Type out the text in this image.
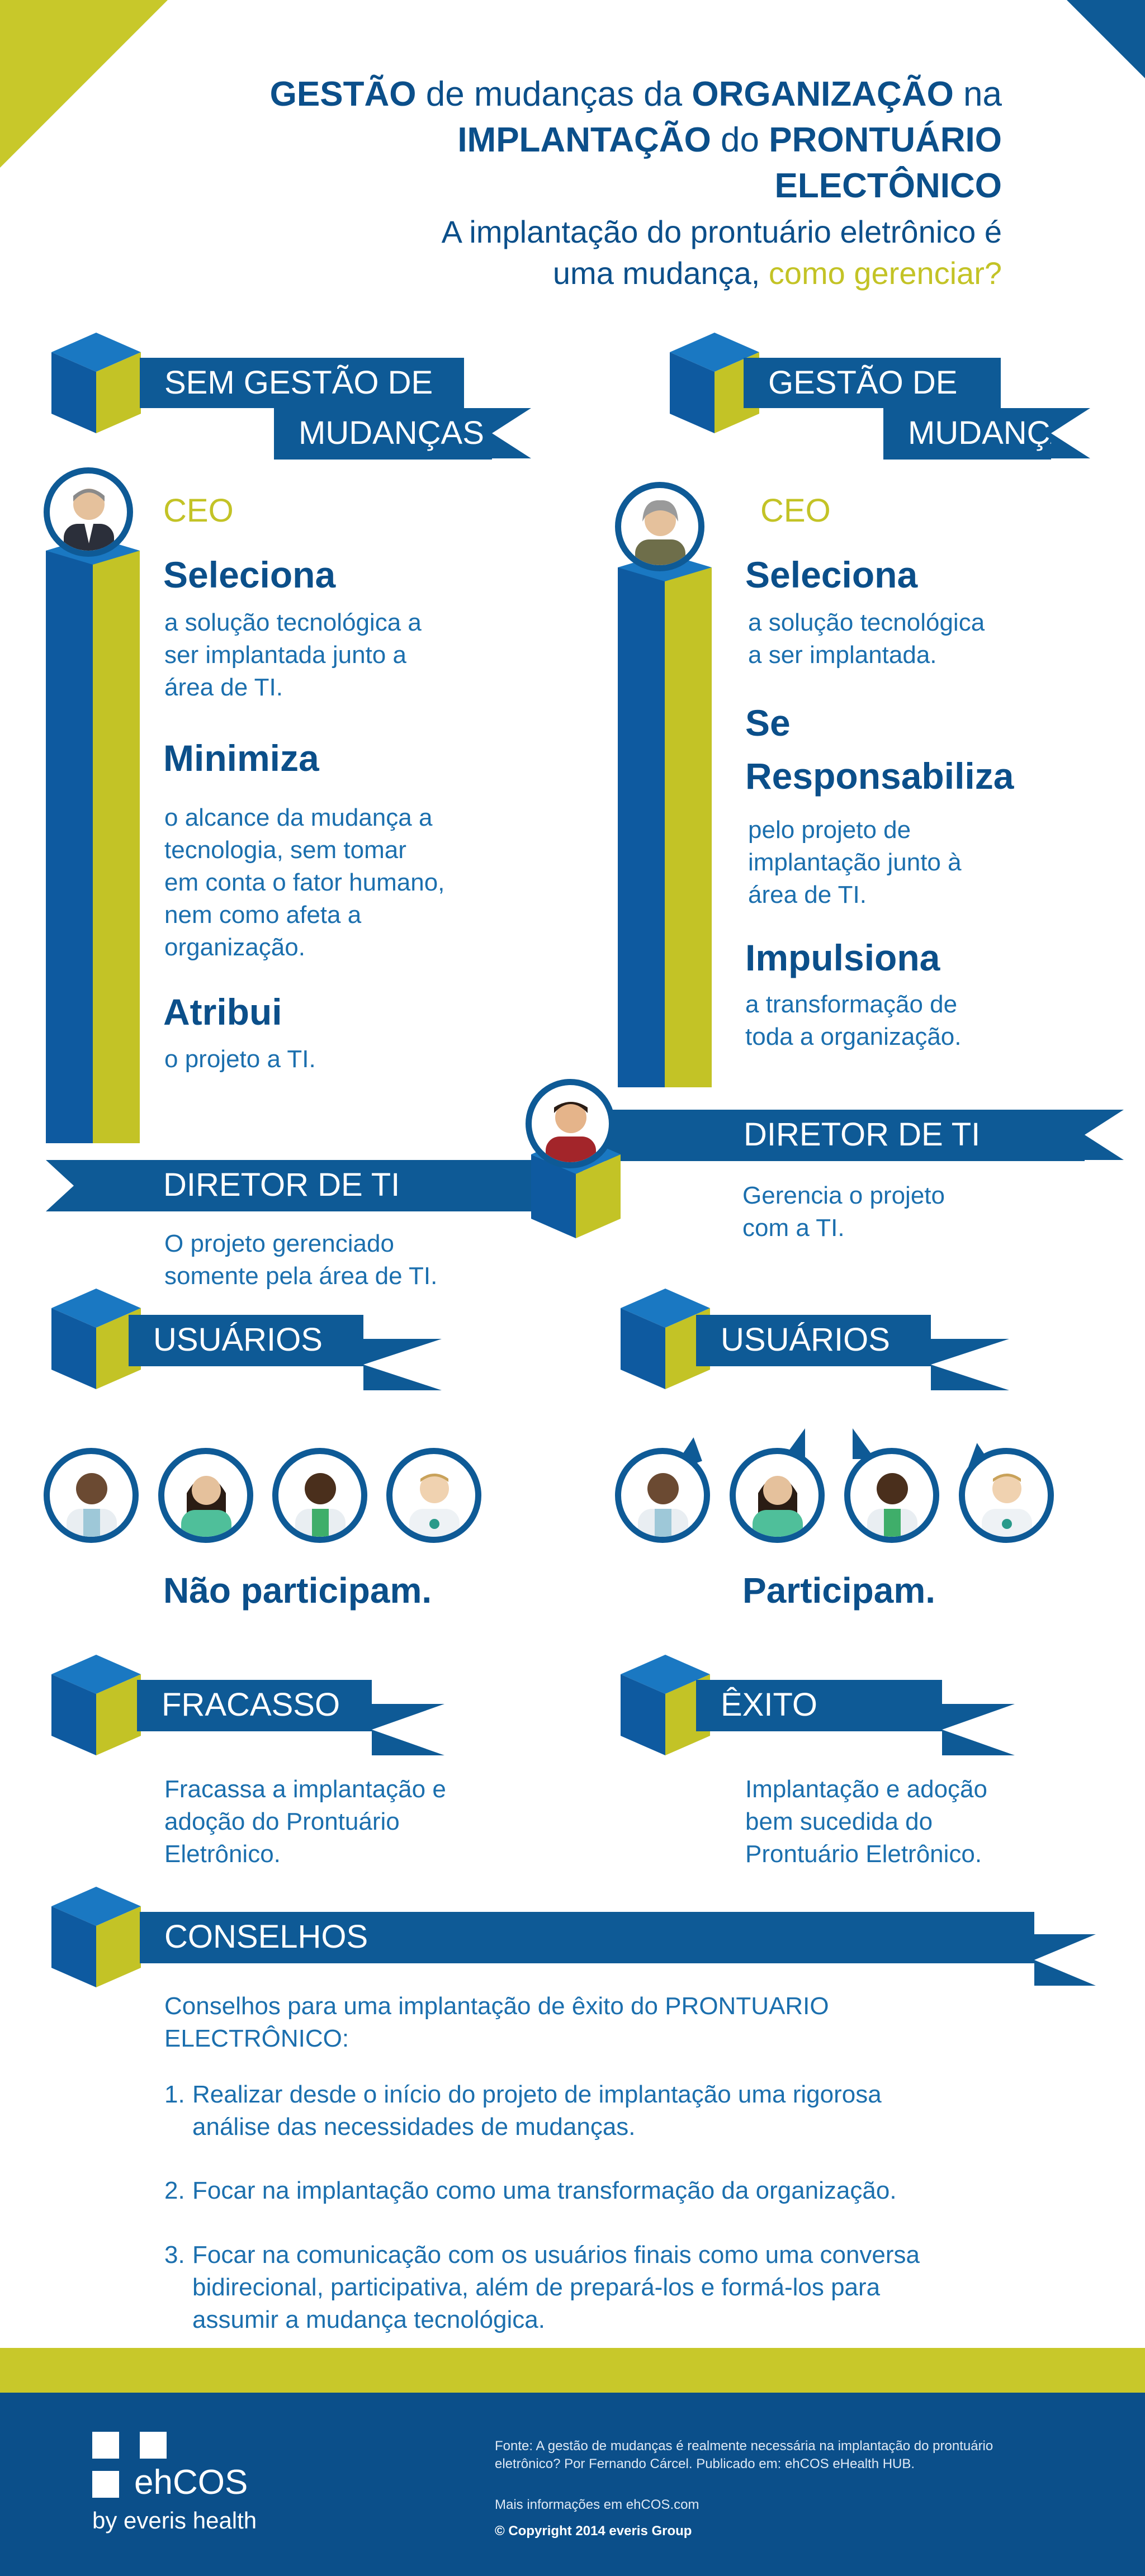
GESTÃO de mudanças da ORGANIZAÇÃO na
IMPLANTAÇÃO do PRONTUÁRIO
ELECTÔNICO
A implantação do prontuário eletrônico é
uma mudança, como gerenciar?
SEM GESTÃO DE
MUDANÇAS
GESTÃO DE
MUDANÇAS
CEO
Seleciona
a solução tecnológica a
ser implantada junto a
área de TI.
Minimiza
o alcance da mudança a
tecnologia, sem tomar
em conta o fator humano,
nem como afeta a
organização.
Atribui
o projeto a TI.
CEO
Seleciona
a solução tecnológica
a ser implantada.
Se
Responsabiliza
pelo projeto de
implantação junto à
área de TI.
Impulsiona
a transformação de
toda a organização.
DIRETOR DE TI
DIRETOR DE TI
O projeto gerenciado
somente pela área de TI.
Gerencia o projeto
com a TI.
USUÁRIOS	USUÁRIOS
Não participam.	Participam.
FRACASSO
Fracassa a implantação e
adoção do Prontuário
Eletrônico.
ÊXITO
Implantação e adoção
bem sucedida do
Prontuário Eletrônico.
CONSELHOS
Conselhos para uma implantação de êxito do PRONTUARIO
ELECTRÔNICO:
1. Realizar desde o início do projeto de implantação uma rigorosa
análise das necessidades de mudanças.
2. Focar na implantação como uma transformação da organização.
3. Focar na comunicação com os usuários finais como uma conversa
bidirecional, participativa, além de prepará-los e formá-los para
assumir a mudança tecnológica.
ehCOS
by everis health
Fonte: A gestão de mudanças é realmente necessária na implantação do prontuário
eletrônico? Por Fernando Cárcel. Publicado em: ehCOS eHealth HUB.
Mais informações em ehCOS.com
© Copyright 2014 everis Group
